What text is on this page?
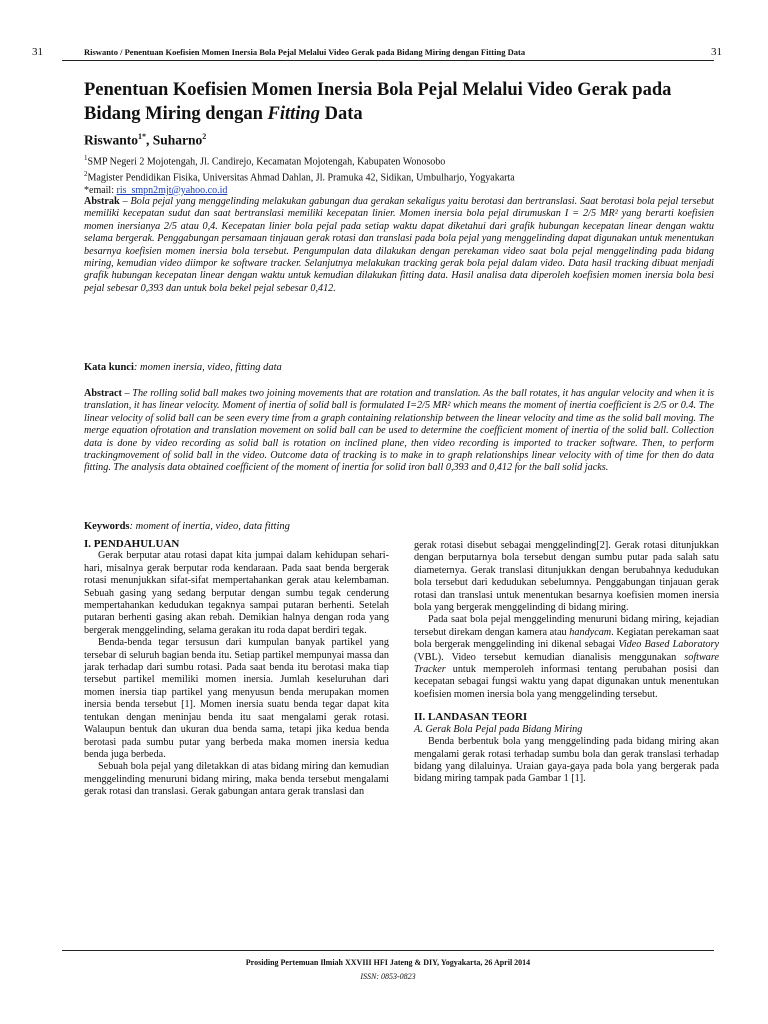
31	Riswanto / Penentuan Koefisien Momen Inersia Bola Pejal Melalui Video Gerak pada Bidang Miring dengan Fitting Data	31
Penentuan Koefisien Momen Inersia Bola Pejal Melalui Video Gerak pada Bidang Miring dengan Fitting Data
Riswanto$^{1*}$, Suharno$^2$
$^1$SMP Negeri 2 Mojotengah, Jl. Candirejo, Kecamatan Mojotengah, Kabupaten Wonosobo
$^2$Magister Pendidikan Fisika, Universitas Ahmad Dahlan, Jl. Pramuka 42, Sidikan, Umbulharjo, Yogyakarta
*email: ris_smpn2mjt@yahoo.co.id
Abstrak – Bola pejal yang menggelinding melakukan gabungan dua gerakan sekaligus yaitu berotasi dan bertranslasi. Saat berotasi bola pejal tersebut memiliki kecepatan sudut dan saat bertranslasi memiliki kecepatan linier. Momen inersia bola pejal dirumuskan I = 2/5 MR² yang berarti koefisien momen inersianya 2/5 atau 0,4. Kecepatan linier bola pejal pada setiap waktu dapat diketahui dari grafik hubungan kecepatan linear dengan waktu selama bergerak. Penggabungan persamaan tinjauan gerak rotasi dan translasi pada bola pejal yang menggelinding dapat digunakan untuk menentukan besarnya koefisien momen inersia bola tersebut. Pengumpulan data dilakukan dengan perekaman video saat bola pejal menggelinding pada bidang miring, kemudian video diimpor ke software tracker. Selanjutnya melakukan tracking gerak bola pejal dalam video. Data hasil tracking dibuat menjadi grafik hubungan kecepatan linear dengan waktu untuk kemudian dilakukan fitting data. Hasil analisa data diperoleh koefisien momen inersia bola besi pejal sebesar 0,393 dan untuk bola bekel pejal sebesar 0,412.
Kata kunci: momen inersia, video, fitting data
Abstract – The rolling solid ball makes two joining movements that are rotation and translation. As the ball rotates, it has angular velocity and when it is translation, it has linear velocity. Moment of inertia of solid ball is formulated I=2/5 MR² which means the moment of inertia coefficient is 2/5 or 0.4. The linear velocity of solid ball can be seen every time from a graph containing relationship between the linear velocity and time as the solid ball moving. The merge equation ofrotation and translation movement on solid ball can be used to determine the coefficient moment of inertia of the solid ball. Collection data is done by video recording as solid ball is rotation on inclined plane, then video recording is imported to tracker software. Then, to perform trackingmovement of solid ball in the video. Outcome data of tracking is to make in to graph relationships linear velocity with of time for then do data fitting. The analysis data obtained coefficient of the moment of inertia for solid iron ball 0,393 and 0,412 for the ball solid jacks.
Keywords: moment of inertia, video, data fitting

I. PENDAHULUAN

Gerak berputar atau rotasi dapat kita jumpai dalam kehidupan sehari-hari, misalnya gerak berputar roda kendaraan. Pada saat benda bergerak rotasi menunjukkan sifat-sifat mempertahankan gerak atau kelembaman. Sebuah gasing yang sedang berputar dengan sumbu tegak cenderung mempertahankan kedudukan tegaknya sampai putaran berhenti. Setelah putaran berhenti gasing akan rebah. Demikian halnya dengan roda yang bergerak menggelinding, selama gerakan itu roda dapat berdiri tegak.

Benda-benda tegar tersusun dari kumpulan banyak partikel yang tersebar di seluruh bagian benda itu. Setiap partikel mempunyai massa dan jarak terhadap dari sumbu rotasi. Pada saat benda itu berotasi maka tiap tersebut partikel memiliki momen inersia. Jumlah keseluruhan dari momen inersia tiap partikel yang menyusun benda merupakan momen inersia benda tersebut [1]. Momen inersia suatu benda tegar dapat kita tentukan dengan meninjau benda itu saat mengalami gerak rotasi. Walaupun bentuk dan ukuran dua benda sama, tetapi jika kedua benda berotasi pada sumbu putar yang berbeda maka momen inersia kedua benda juga berbeda.

Sebuah bola pejal yang diletakkan di atas bidang miring dan kemudian menggelinding menuruni bidang miring, maka benda tersebut mengalami gerak rotasi dan translasi. Gerak gabungan antara gerak translasi dan

gerak rotasi disebut sebagai menggelinding[2]. Gerak rotasi ditunjukkan dengan berputarnya bola tersebut dengan sumbu putar pada salah satu diameternya. Gerak translasi ditunjukkan dengan berubahnya kedudukan bola tersebut dari kedudukan sebelumnya. Penggabungan tinjauan gerak rotasi dan translasi untuk menentukan besarnya koefisien momen inersia bola yang bergerak menggelinding di bidang miring.

Pada saat bola pejal menggelinding menuruni bidang miring, kejadian tersebut direkam dengan kamera atau handycam. Kegiatan perekaman saat bola bergerak menggelinding ini dikenal sebagai Video Based Laboratory (VBL). Video tersebut kemudian dianalisis menggunakan software Tracker untuk memperoleh informasi tentang perubahan posisi dan kecepatan sebagai fungsi waktu yang dapat digunakan untuk menentukan koefisien momen inersia bola yang menggelinding tersebut.

II. LANDASAN TEORI

A. Gerak Bola Pejal pada Bidang Miring

Benda berbentuk bola yang menggelinding pada bidang miring akan mengalami gerak rotasi terhadap sumbu bola dan gerak translasi terhadap bidang yang dilaluinya. Uraian gaya-gaya pada bola yang bergerak pada bidang miring tampak pada Gambar 1 [1].

Prosiding Pertemuan Ilmiah XXVIII HFI Jateng & DIY, Yogyakarta, 26 April 2014
ISSN: 0853-0823
